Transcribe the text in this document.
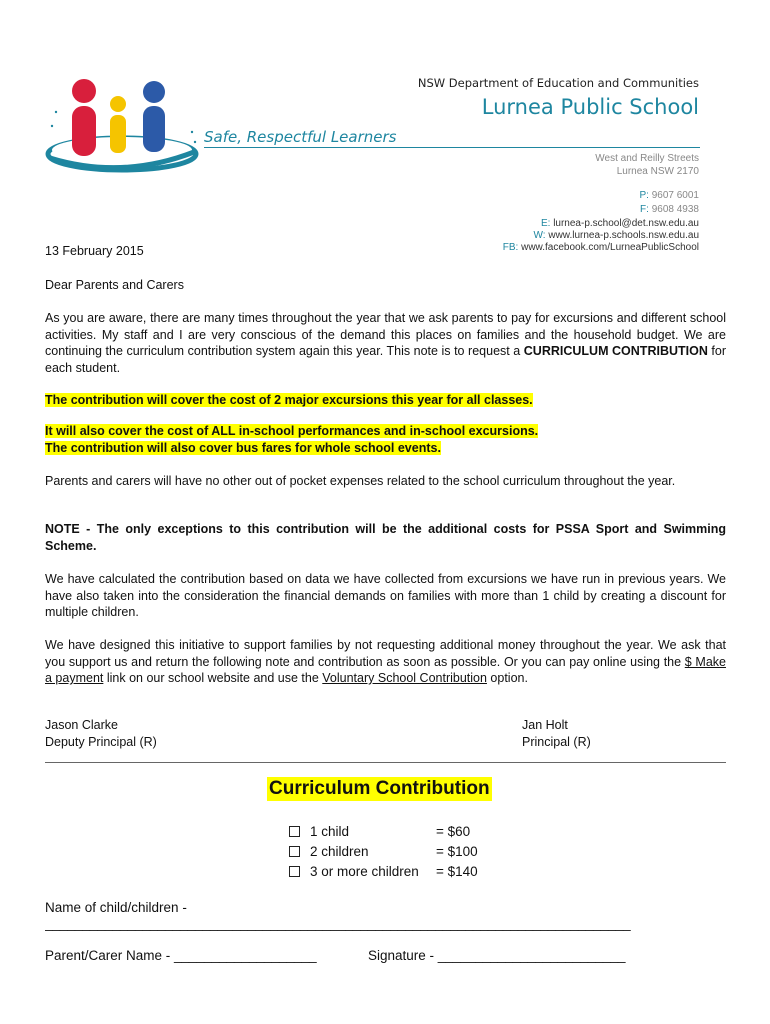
Safe, Respectful Learners
NSW Department of Education and Communities
Lurnea Public School
West and Reilly Streets
Lurnea NSW 2170
P: 9607 6001
F: 9608 4938
E: lurnea-p.school@det.nsw.edu.au
W: www.lurnea-p.schools.nsw.edu.au
FB: www.facebook.com/LurneaPublicSchool
13 February 2015
Dear Parents and Carers
As you are aware, there are many times throughout the year that we ask parents to pay for excursions and different school activities. My staff and I are very conscious of the demand this places on families and the household budget. We are continuing the curriculum contribution system again this year. This note is to request a CURRICULUM CONTRIBUTION for each student.
The contribution will cover the cost of 2 major excursions this year for all classes.
It will also cover the cost of ALL in-school performances and in-school excursions.
The contribution will also cover bus fares for whole school events.
Parents and carers will have no other out of pocket expenses related to the school curriculum throughout the year.
NOTE - The only exceptions to this contribution will be the additional costs for PSSA Sport and Swimming Scheme.
We have calculated the contribution based on data we have collected from excursions we have run in previous years. We have also taken into the consideration the financial demands on families with more than 1 child by creating a discount for multiple children.
We have designed this initiative to support families by not requesting additional money throughout the year. We ask that you support us and return the following note and contribution as soon as possible. Or you can pay online using the $ Make a payment link on our school website and use the Voluntary School Contribution option.
Jason Clarke
Deputy Principal (R)
Jan Holt
Principal (R)
Curriculum Contribution
1 child	= $60
2 children	= $100
3 or more children = $140
Name of child/children -
______________________________________________________________________________
Parent/Carer Name - ___________________	Signature - _________________________
